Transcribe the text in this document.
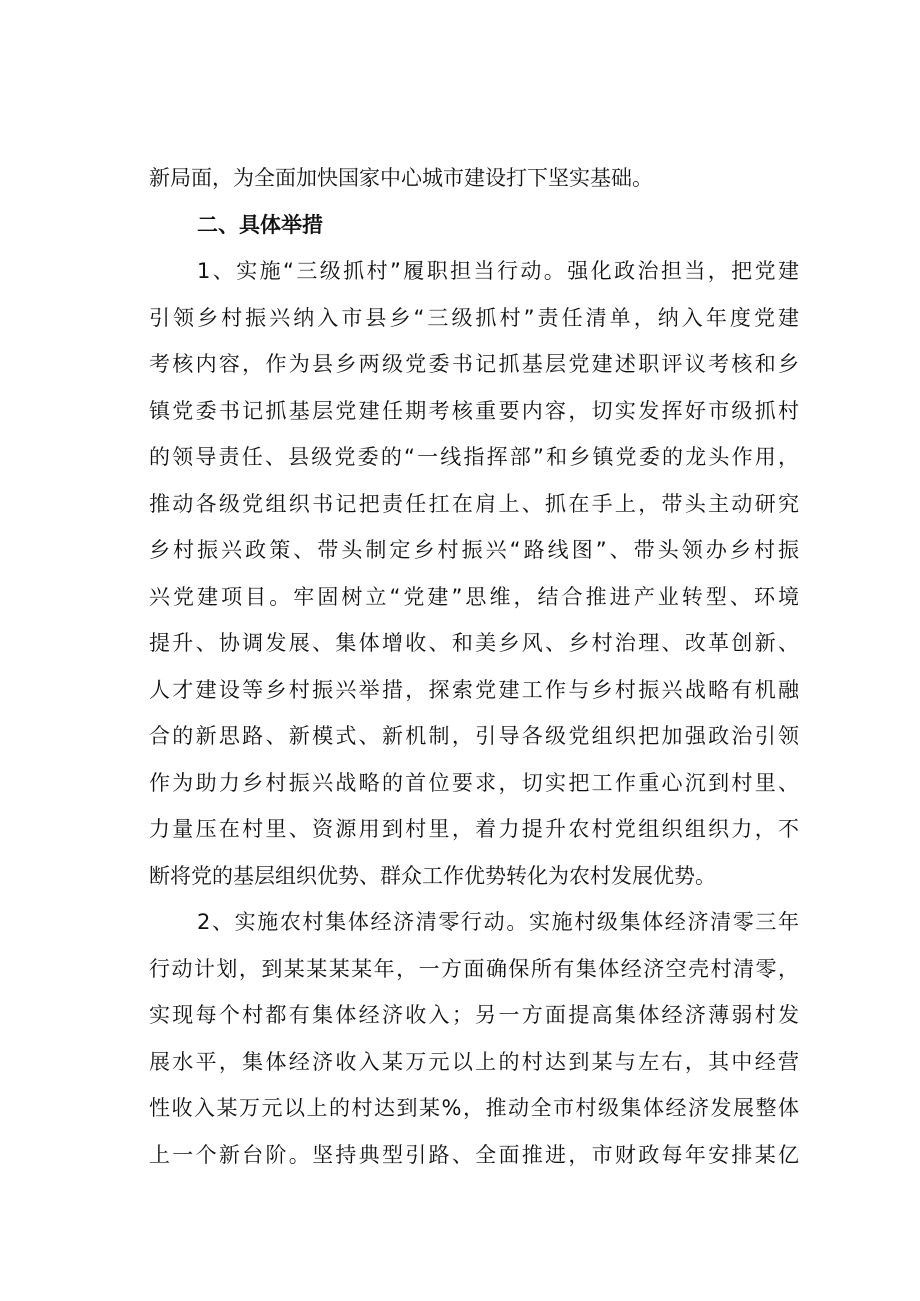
新局面，为全面加快国家中心城市建设打下坚实基础。
二、具体举措
1、实施“三级抓村”履职担当行动。强化政治担当，把党建
引领乡村振兴纳入市县乡“三级抓村”责任清单，纳入年度党建
考核内容，作为县乡两级党委书记抓基层党建述职评议考核和乡
镇党委书记抓基层党建任期考核重要内容，切实发挥好市级抓村
的领导责任、县级党委的“一线指挥部”和乡镇党委的龙头作用，
推动各级党组织书记把责任扛在肩上、抓在手上，带头主动研究
乡村振兴政策、带头制定乡村振兴“路线图”、带头领办乡村振
兴党建项目。牢固树立“党建”思维，结合推进产业转型、环境
提升、协调发展、集体增收、和美乡风、乡村治理、改革创新、
人才建设等乡村振兴举措，探索党建工作与乡村振兴战略有机融
合的新思路、新模式、新机制，引导各级党组织把加强政治引领
作为助力乡村振兴战略的首位要求，切实把工作重心沉到村里、
力量压在村里、资源用到村里，着力提升农村党组织组织力，不
断将党的基层组织优势、群众工作优势转化为农村发展优势。
2、实施农村集体经济清零行动。实施村级集体经济清零三年
行动计划，到某某某某年，一方面确保所有集体经济空壳村清零，
实现每个村都有集体经济收入；另一方面提高集体经济薄弱村发
展水平，集体经济收入某万元以上的村达到某与左右，其中经营
性收入某万元以上的村达到某%，推动全市村级集体经济发展整体
上一个新台阶。坚持典型引路、全面推进，市财政每年安排某亿
